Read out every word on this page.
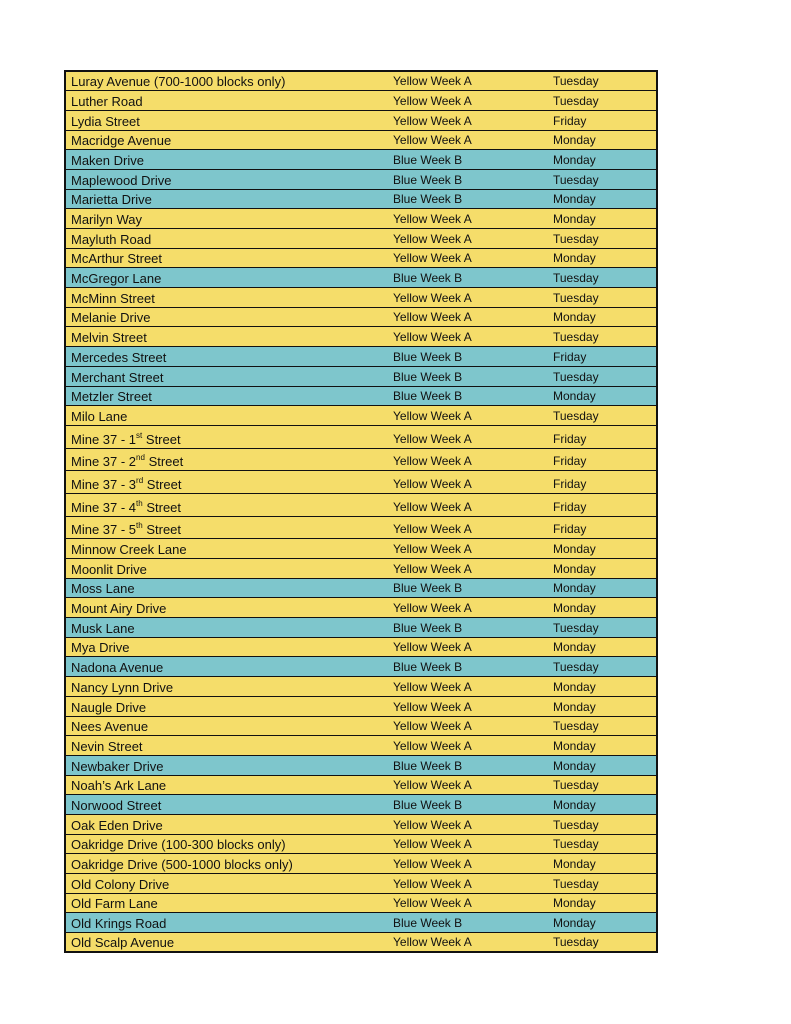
Luray Avenue (700-1000 blocks only)	Yellow Week A	Tuesday
Luther Road	Yellow Week A	Tuesday
Lydia Street	Yellow Week A	Friday
Macridge Avenue	Yellow Week A	Monday
Maken Drive	Blue Week B	Monday
Maplewood Drive	Blue Week B	Tuesday
Marietta Drive	Blue Week B	Monday
Marilyn Way	Yellow Week A	Monday
Mayluth Road	Yellow Week A	Tuesday
McArthur Street	Yellow Week A	Monday
McGregor Lane	Blue Week B	Tuesday
McMinn Street	Yellow Week A	Tuesday
Melanie Drive	Yellow Week A	Monday
Melvin Street	Yellow Week A	Tuesday
Mercedes Street	Blue Week B	Friday
Merchant Street	Blue Week B	Tuesday
Metzler Street	Blue Week B	Monday
Milo Lane	Yellow Week A	Tuesday
Mine 37 - 1st Street	Yellow Week A	Friday
Mine 37 - 2nd Street	Yellow Week A	Friday
Mine 37 - 3rd Street	Yellow Week A	Friday
Mine 37 - 4th Street	Yellow Week A	Friday
Mine 37 - 5th Street	Yellow Week A	Friday
Minnow Creek Lane	Yellow Week A	Monday
Moonlit Drive	Yellow Week A	Monday
Moss Lane	Blue Week B	Monday
Mount Airy Drive	Yellow Week A	Monday
Musk Lane	Blue Week B	Tuesday
Mya Drive	Yellow Week A	Monday
Nadona Avenue	Blue Week B	Tuesday
Nancy Lynn Drive	Yellow Week A	Monday
Naugle Drive	Yellow Week A	Monday
Nees Avenue	Yellow Week A	Tuesday
Nevin Street	Yellow Week A	Monday
Newbaker Drive	Blue Week B	Monday
Noah’s Ark Lane	Yellow Week A	Tuesday
Norwood Street	Blue Week B	Monday
Oak Eden Drive	Yellow Week A	Tuesday
Oakridge Drive (100-300 blocks only)	Yellow Week A	Tuesday
Oakridge Drive (500-1000 blocks only)	Yellow Week A	Monday
Old Colony Drive	Yellow Week A	Tuesday
Old Farm Lane	Yellow Week A	Monday
Old Krings Road	Blue Week B	Monday
Old Scalp Avenue	Yellow Week A	Tuesday
